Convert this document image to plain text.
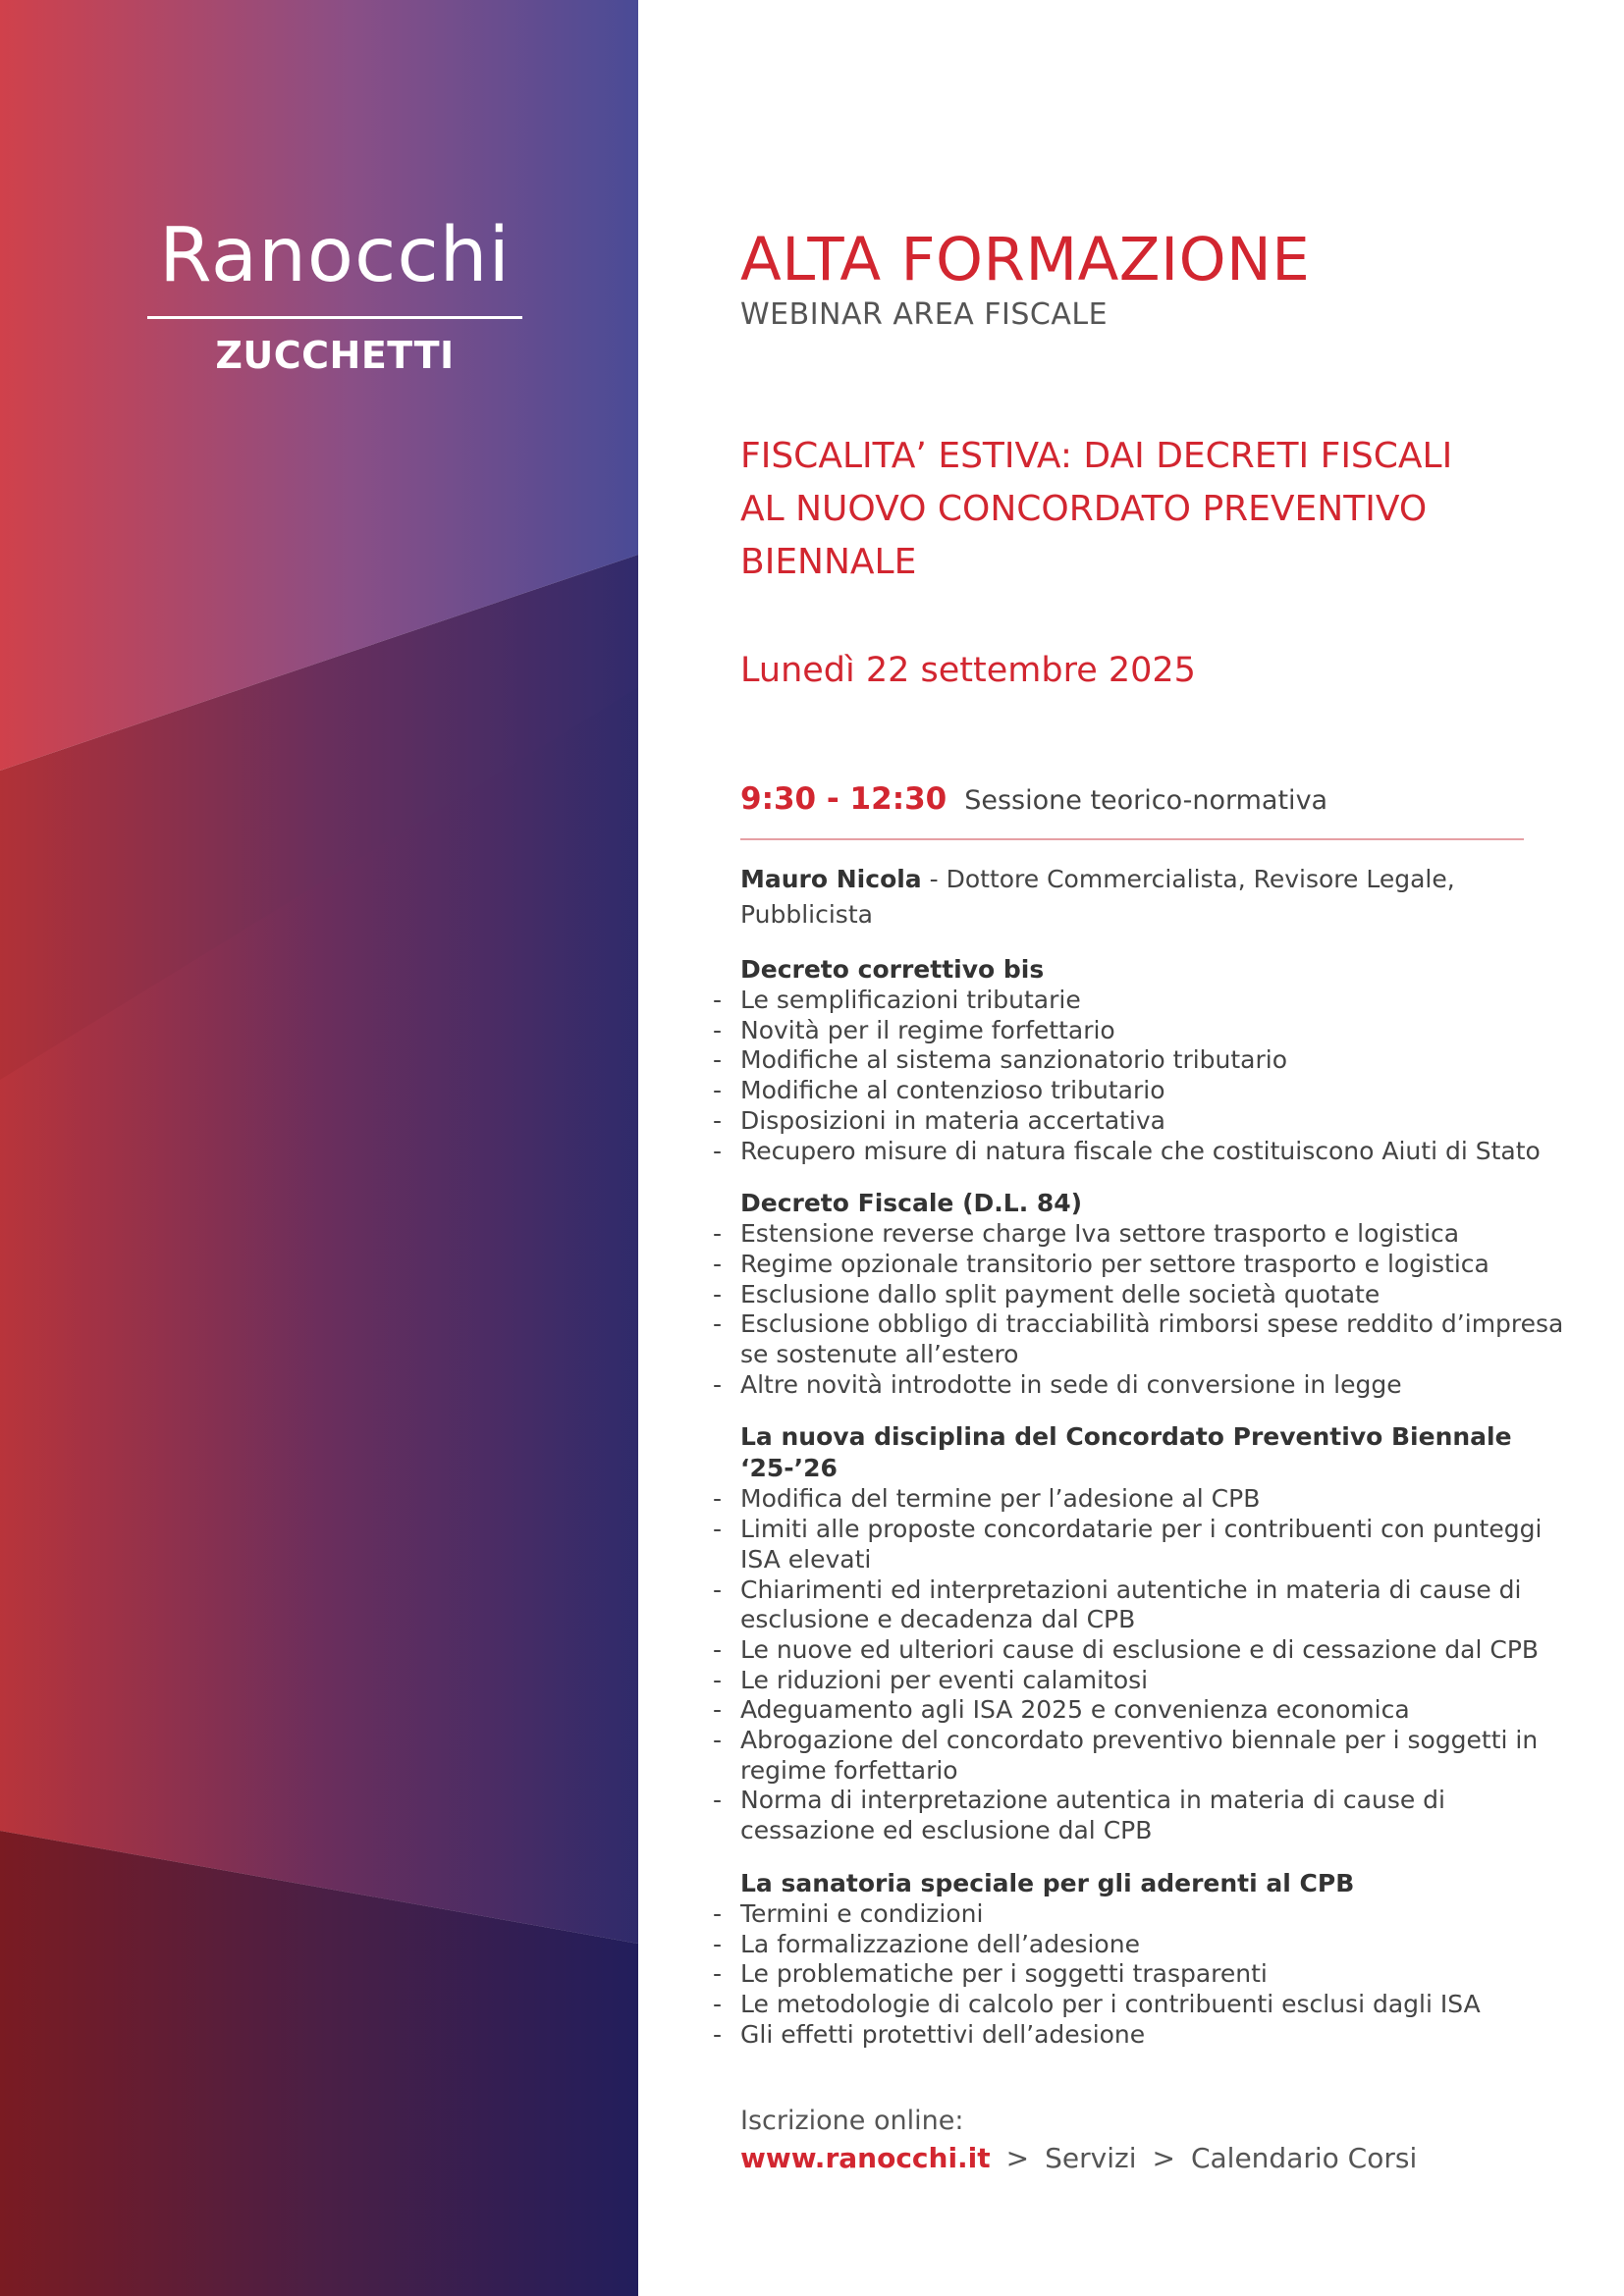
Ranocchi
ZUCCHETTI
ALTA FORMAZIONE
WEBINAR AREA FISCALE
FISCALITA’ ESTIVA: DAI DECRETI FISCALI
AL NUOVO CONCORDATO PREVENTIVO
BIENNALE
Lunedì 22 settembre 2025
9:30 - 12:30 Sessione teorico-normativa
Mauro Nicola - Dottore Commercialista, Revisore Legale, Pubblicista
Decreto correttivo bis
- Le semplificazioni tributarie
- Novità per il regime forfettario
- Modifiche al sistema sanzionatorio tributario
- Modifiche al contenzioso tributario
- Disposizioni in materia accertativa
- Recupero misure di natura fiscale che costituiscono Aiuti di Stato
Decreto Fiscale (D.L. 84)
- Estensione reverse charge Iva settore trasporto e logistica
- Regime opzionale transitorio per settore trasporto e logistica
- Esclusione dallo split payment delle società quotate
- Esclusione obbligo di tracciabilità rimborsi spese reddito d’impresa se sostenute all’estero
- Altre novità introdotte in sede di conversione in legge
La nuova disciplina del Concordato Preventivo Biennale ‘25-’26
- Modifica del termine per l’adesione al CPB
- Limiti alle proposte concordatarie per i contribuenti con punteggi ISA elevati
- Chiarimenti ed interpretazioni autentiche in materia di cause di esclusione e decadenza dal CPB
- Le nuove ed ulteriori cause di esclusione e di cessazione dal CPB
- Le riduzioni per eventi calamitosi
- Adeguamento agli ISA 2025 e convenienza economica
- Abrogazione del concordato preventivo biennale per i soggetti in regime forfettario
- Norma di interpretazione autentica in materia di cause di cessazione ed esclusione dal CPB
La sanatoria speciale per gli aderenti al CPB
- Termini e condizioni
- La formalizzazione dell’adesione
- Le problematiche per i soggetti trasparenti
- Le metodologie di calcolo per i contribuenti esclusi dagli ISA
- Gli effetti protettivi dell’adesione
Iscrizione online:
www.ranocchi.it > Servizi > Calendario Corsi
